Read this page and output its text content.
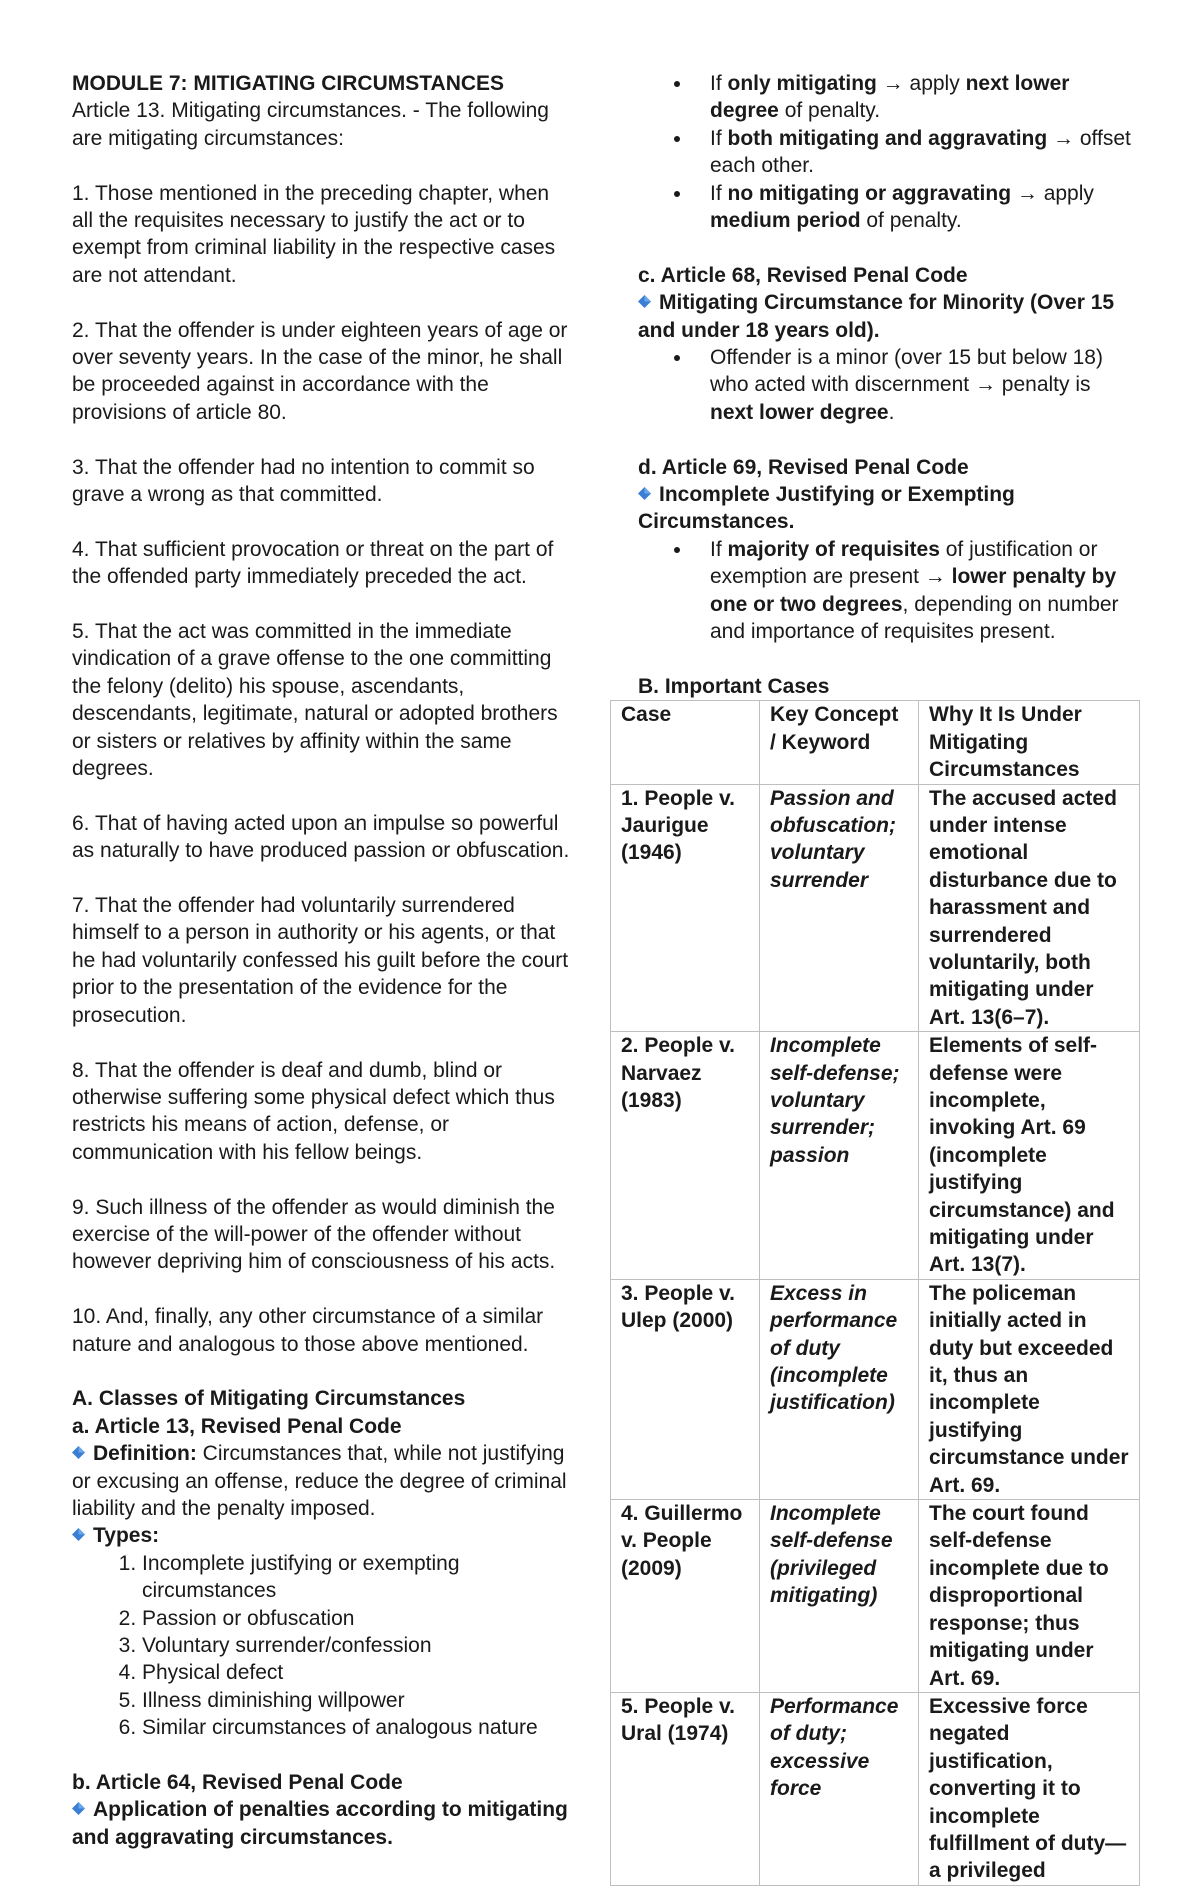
MODULE 7: MITIGATING CIRCUMSTANCES

Article 13. Mitigating circumstances. - The following are mitigating circumstances:

1. Those mentioned in the preceding chapter, when all the requisites necessary to justify the act or to exempt from criminal liability in the respective cases are not attendant.

2. That the offender is under eighteen years of age or over seventy years. In the case of the minor, he shall be proceeded against in accordance with the provisions of article 80.

3. That the offender had no intention to commit so grave a wrong as that committed.

4. That sufficient provocation or threat on the part of the offended party immediately preceded the act.

5. That the act was committed in the immediate vindication of a grave offense to the one committing the felony (delito) his spouse, ascendants, descendants, legitimate, natural or adopted brothers or sisters or relatives by affinity within the same degrees.

6. That of having acted upon an impulse so powerful as naturally to have produced passion or obfuscation.

7. That the offender had voluntarily surrendered himself to a person in authority or his agents, or that he had voluntarily confessed his guilt before the court prior to the presentation of the evidence for the prosecution.

8. That the offender is deaf and dumb, blind or otherwise suffering some physical defect which thus restricts his means of action, defense, or communication with his fellow beings.

9. Such illness of the offender as would diminish the exercise of the will-power of the offender without however depriving him of consciousness of his acts.

10. And, finally, any other circumstance of a similar nature and analogous to those above mentioned.

A. Classes of Mitigating Circumstances

a. Article 13, Revised Penal Code

Definition: Circumstances that, while not justifying or excusing an offense, reduce the degree of criminal liability and the penalty imposed.

Types:

1. Incomplete justifying or exempting circumstances
2. Passion or obfuscation
3. Voluntary surrender/confession
4. Physical defect
5. Illness diminishing willpower
6. Similar circumstances of analogous nature

b. Article 64, Revised Penal Code

Application of penalties according to mitigating and aggravating circumstances.

If only mitigating → apply next lower degree of penalty.
If both mitigating and aggravating → offset each other.
If no mitigating or aggravating → apply medium period of penalty.

c. Article 68, Revised Penal Code

Mitigating Circumstance for Minority (Over 15 and under 18 years old).

Offender is a minor (over 15 but below 18) who acted with discernment → penalty is next lower degree.

d. Article 69, Revised Penal Code

Incomplete Justifying or Exempting Circumstances.

If majority of requisites of justification or exemption are present → lower penalty by one or two degrees, depending on number and importance of requisites present.

B. Important Cases

Case	Key Concept / Keyword	Why It Is Under Mitigating Circumstances
1. People v. Jaurigue (1946)	Passion and obfuscation; voluntary surrender	The accused acted under intense emotional disturbance due to harassment and surrendered voluntarily, both mitigating under Art. 13(6–7).
2. People v. Narvaez (1983)	Incomplete self-defense; voluntary surrender; passion	Elements of self-defense were incomplete, invoking Art. 69 (incomplete justifying circumstance) and mitigating under Art. 13(7).
3. People v. Ulep (2000)	Excess in performance of duty (incomplete justification)	The policeman initially acted in duty but exceeded it, thus an incomplete justifying circumstance under Art. 69.
4. Guillermo v. People (2009)	Incomplete self-defense (privileged mitigating)	The court found self-defense incomplete due to disproportional response; thus mitigating under Art. 69.
5. People v. Ural (1974)	Performance of duty; excessive force	Excessive force negated justification, converting it to incomplete fulfillment of duty—a privileged
